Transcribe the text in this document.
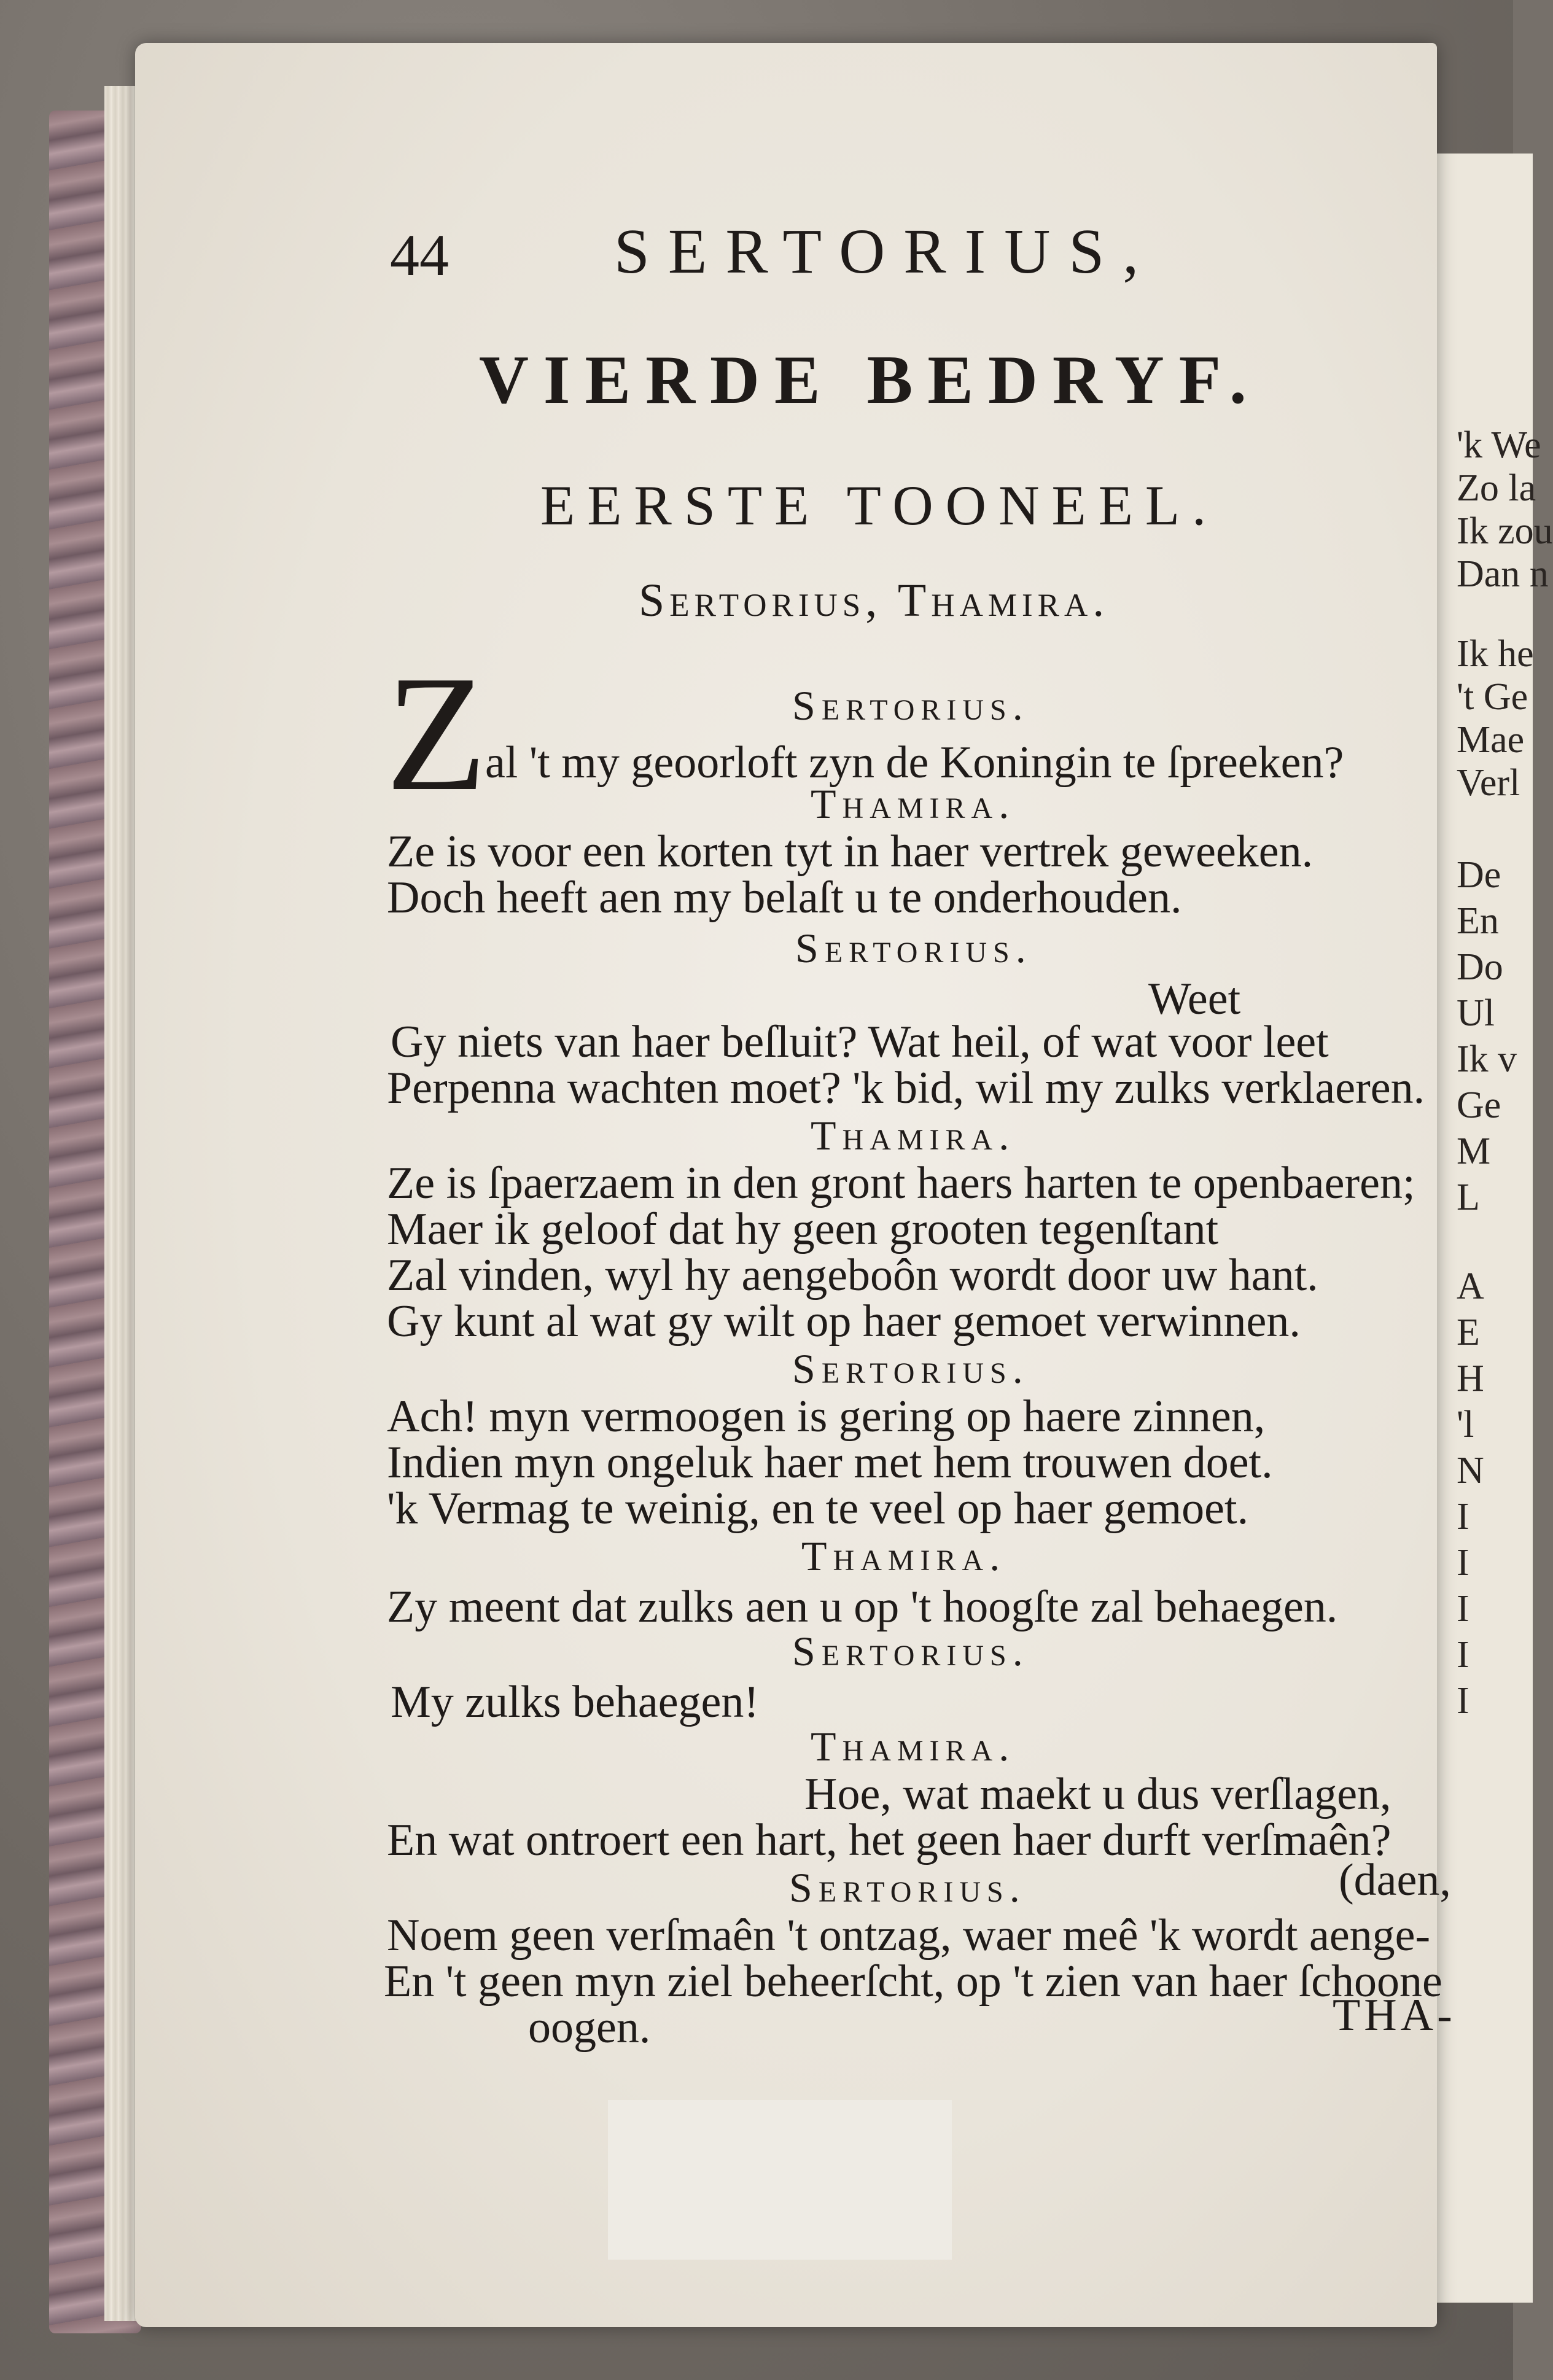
'k We
Zo la
Ik zou
Dan n
Ik he
't Ge
Mae
Verl
De
En
Do
Ul
Ik v
Ge
M
L
A
E
H
'l
N
I
I
I
I
I
44	SERTORIUS,
VIERDE BEDRYF.
EERSTE TOONEEL.
Sertorius, Thamira.
Sertorius.
Z
al 't my geoorloft zyn de Koningin te ſpreeken?
Thamira.
Ze is voor een korten tyt in haer vertrek geweeken.
Doch heeft aen my belaſt u te onderhouden.
Sertorius.
Weet
Gy niets van haer beſluit? Wat heil, of wat voor leet
Perpenna wachten moet? 'k bid, wil my zulks verklaeren.
Thamira.
Ze is ſpaerzaem in den gront haers harten te openbaeren;
Maer ik geloof dat hy geen grooten tegenſtant
Zal vinden, wyl hy aengeboôn wordt door uw hant.
Gy kunt al wat gy wilt op haer gemoet verwinnen.
Sertorius.
Ach! myn vermoogen is gering op haere zinnen,
Indien myn ongeluk haer met hem trouwen doet.
'k Vermag te weinig, en te veel op haer gemoet.
Thamira.
Zy meent dat zulks aen u op 't hoogſte zal behaegen.
Sertorius.
My zulks behaegen!
Thamira.
Hoe, wat maekt u dus verſlagen,
En wat ontroert een hart, het geen haer durft verſmaên?
Sertorius.	(daen,
Noem geen verſmaên 't ontzag, waer meê 'k wordt aenge-
En 't geen myn ziel beheerſcht, op 't zien van haer ſchoone
oogen.	THA-
